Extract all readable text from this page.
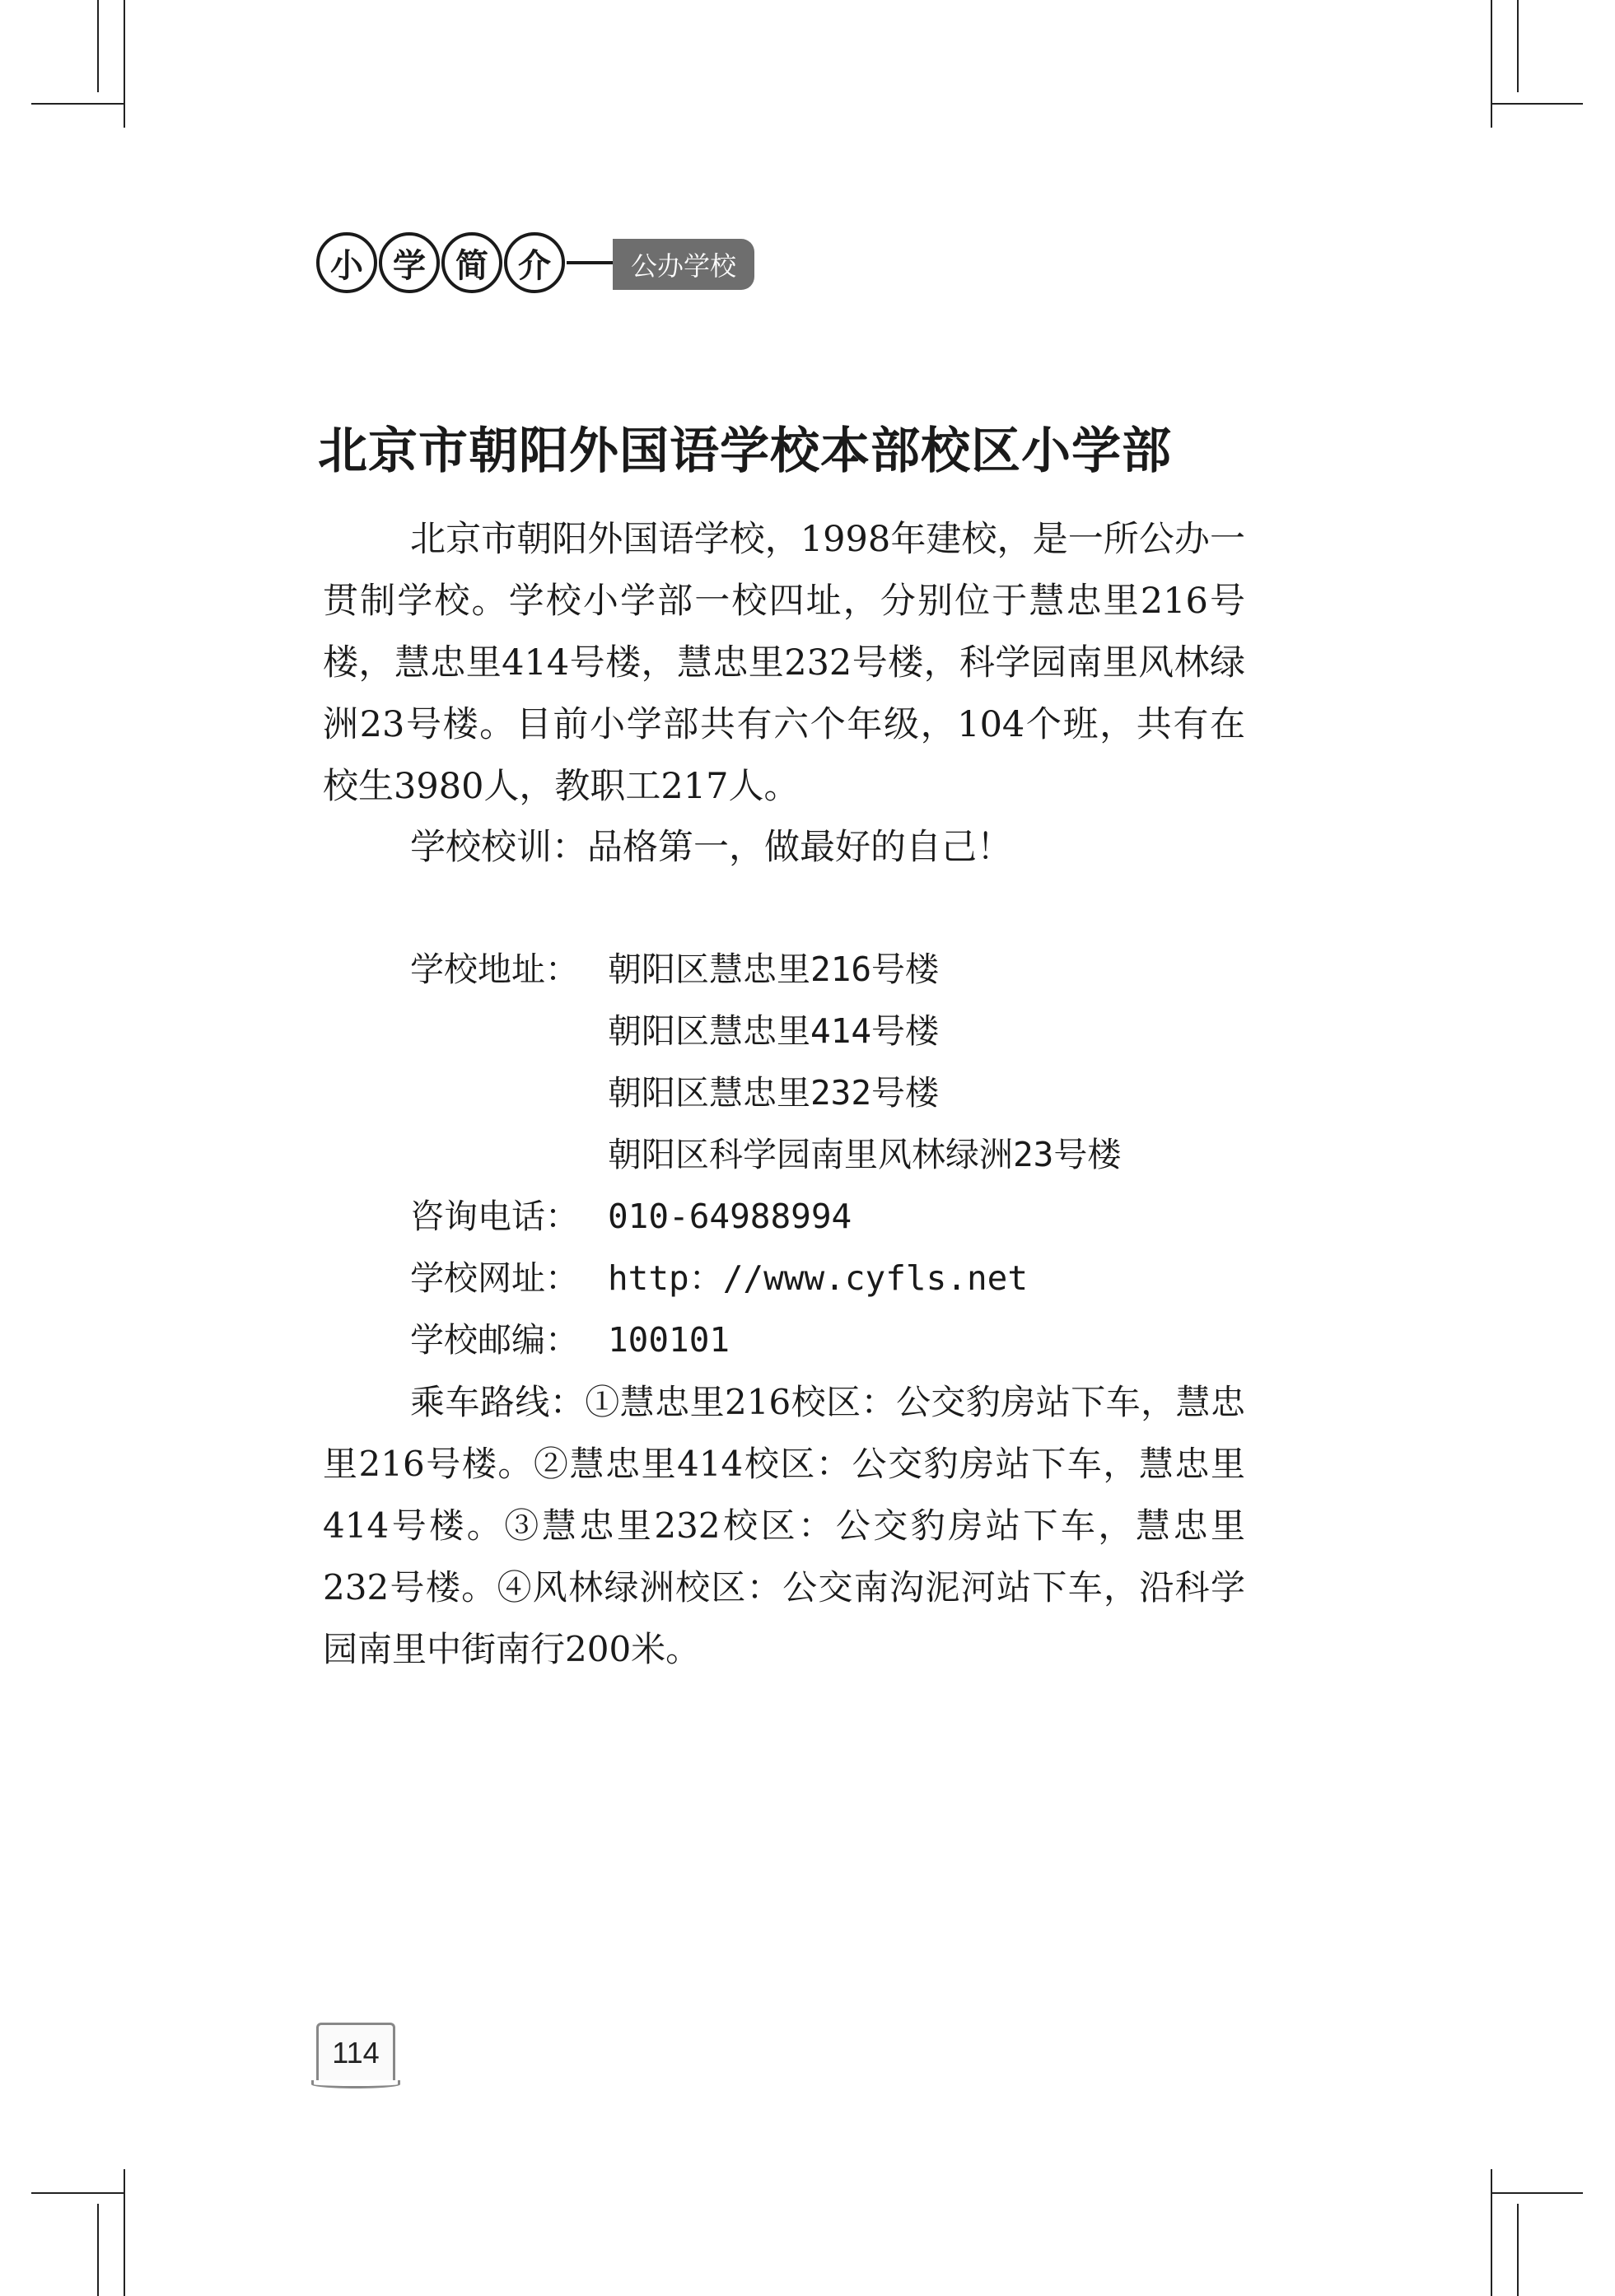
小 学 简 介	公办学校
北京市朝阳外国语学校本部校区小学部

北京市朝阳外国语学校，1998年建校，是一所公办一贯制学校。学校小学部一校四址，分别位于慧忠里216号楼，慧忠里414号楼，慧忠里232号楼，科学园南里风林绿洲23号楼。目前小学部共有六个年级，104个班，共有在校生3980人，教职工217人。

学校校训：品格第一，做最好的自己！

学校地址： 朝阳区慧忠里216号楼
朝阳区慧忠里414号楼
朝阳区慧忠里232号楼
朝阳区科学园南里风林绿洲23号楼
咨询电话： 010-64988994
学校网址： http：//www.cyfls.net
学校邮编： 100101

乘车路线：①慧忠里216校区：公交豹房站下车，慧忠里216号楼。②慧忠里414校区：公交豹房站下车，慧忠里414号楼。③慧忠里232校区：公交豹房站下车，慧忠里232号楼。④风林绿洲校区：公交南沟泥河站下车，沿科学园南里中街南行200米。

114
